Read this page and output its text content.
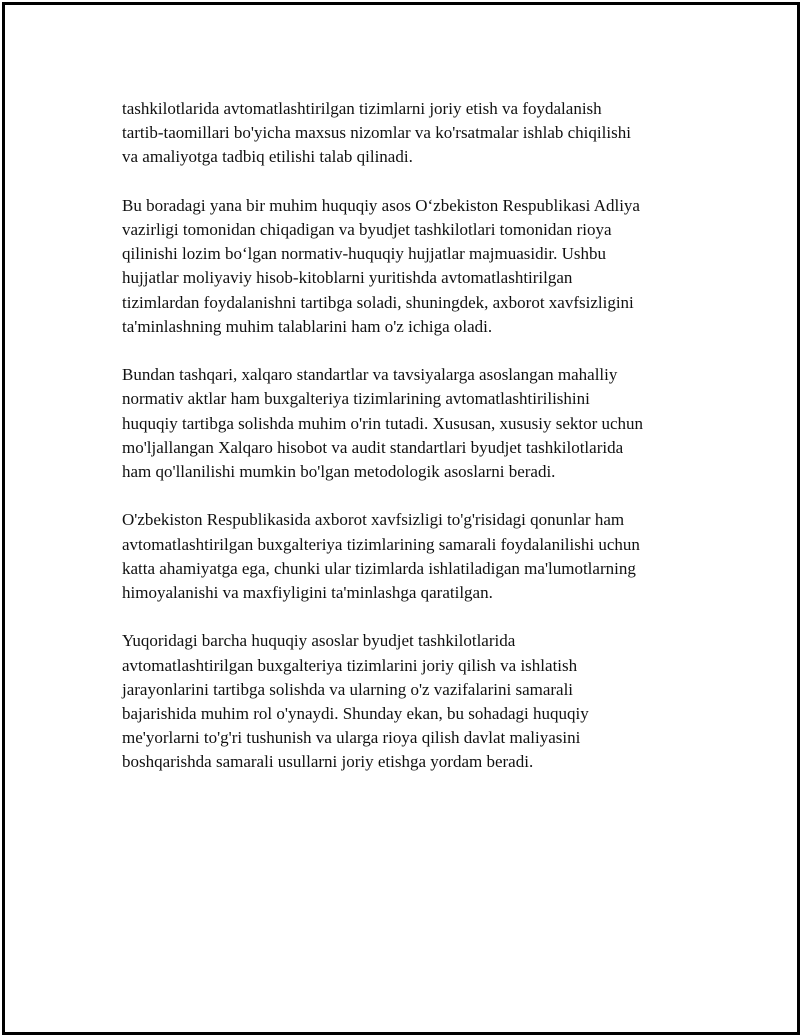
tashkilotlarida avtomatlashtirilgan tizimlarni joriy etish va foydalanish
tartib-taomillari bo'yicha maxsus nizomlar va ko'rsatmalar ishlab chiqilishi
va amaliyotga tadbiq etilishi talab qilinadi.

Bu boradagi yana bir muhim huquqiy asos O‘zbekiston Respublikasi Adliya
vazirligi tomonidan chiqadigan va byudjet tashkilotlari tomonidan rioya
qilinishi lozim bo‘lgan normativ-huquqiy hujjatlar majmuasidir. Ushbu
hujjatlar moliyaviy hisob-kitoblarni yuritishda avtomatlashtirilgan
tizimlardan foydalanishni tartibga soladi, shuningdek, axborot xavfsizligini
ta'minlashning muhim talablarini ham o'z ichiga oladi.

Bundan tashqari, xalqaro standartlar va tavsiyalarga asoslangan mahalliy
normativ aktlar ham buxgalteriya tizimlarining avtomatlashtirilishini
huquqiy tartibga solishda muhim o'rin tutadi. Xususan, xususiy sektor uchun
mo'ljallangan Xalqaro hisobot va audit standartlari byudjet tashkilotlarida
ham qo'llanilishi mumkin bo'lgan metodologik asoslarni beradi.

O'zbekiston Respublikasida axborot xavfsizligi to'g'risidagi qonunlar ham
avtomatlashtirilgan buxgalteriya tizimlarining samarali foydalanilishi uchun
katta ahamiyatga ega, chunki ular tizimlarda ishlatiladigan ma'lumotlarning
himoyalanishi va maxfiyligini ta'minlashga qaratilgan.

Yuqoridagi barcha huquqiy asoslar byudjet tashkilotlarida
avtomatlashtirilgan buxgalteriya tizimlarini joriy qilish va ishlatish
jarayonlarini tartibga solishda va ularning o'z vazifalarini samarali
bajarishida muhim rol o'ynaydi. Shunday ekan, bu sohadagi huquqiy
me'yorlarni to'g'ri tushunish va ularga rioya qilish davlat maliyasini
boshqarishda samarali usullarni joriy etishga yordam beradi.
